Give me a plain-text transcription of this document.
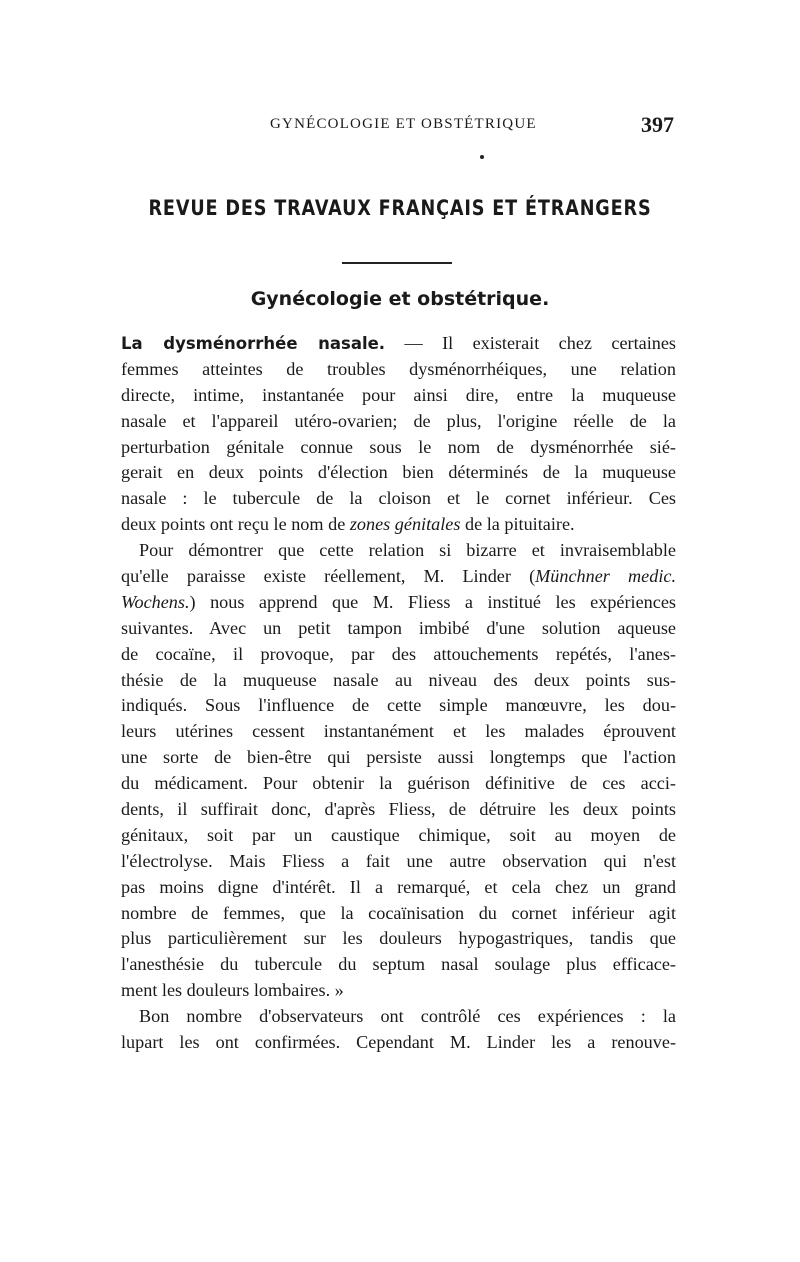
GYNÉCOLOGIE ET OBSTÉTRIQUE	397
REVUE DES TRAVAUX FRANÇAIS ET ÉTRANGERS
Gynécologie et obstétrique.
La dysménorrhée nasale. — Il existerait chez certaines
femmes atteintes de troubles dysménorrhéiques, une relation
directe, intime, instantanée pour ainsi dire, entre la muqueuse
nasale et l'appareil utéro-ovarien; de plus, l'origine réelle de la
perturbation génitale connue sous le nom de dysménorrhée sié-
gerait en deux points d'élection bien déterminés de la muqueuse
nasale : le tubercule de la cloison et le cornet inférieur. Ces
deux points ont reçu le nom de zones génitales de la pituitaire.
Pour démontrer que cette relation si bizarre et invraisemblable
qu'elle paraisse existe réellement, M. Linder (Münchner medic.
Wochens.) nous apprend que M. Fliess a institué les expériences
suivantes. Avec un petit tampon imbibé d'une solution aqueuse
de cocaïne, il provoque, par des attouchements repétés, l'anes-
thésie de la muqueuse nasale au niveau des deux points sus-
indiqués. Sous l'influence de cette simple manœuvre, les dou-
leurs utérines cessent instantanément et les malades éprouvent
une sorte de bien-être qui persiste aussi longtemps que l'action
du médicament. Pour obtenir la guérison définitive de ces acci-
dents, il suffirait donc, d'après Fliess, de détruire les deux points
génitaux, soit par un caustique chimique, soit au moyen de
l'électrolyse. Mais Fliess a fait une autre observation qui n'est
pas moins digne d'intérêt. Il a remarqué, et cela chez un grand
nombre de femmes, que la cocaïnisation du cornet inférieur agit
plus particulièrement sur les douleurs hypogastriques, tandis que
l'anesthésie du tubercule du septum nasal soulage plus efficace-
ment les douleurs lombaires. »
Bon nombre d'observateurs ont contrôlé ces expériences : la
lupart les ont confirmées. Cependant M. Linder les a renouve-
